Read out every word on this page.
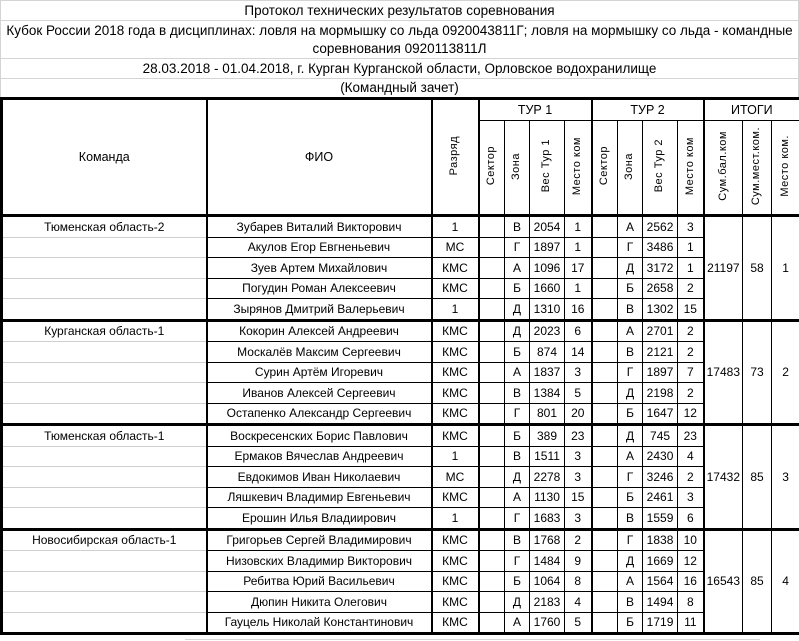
Протокол технических результатов соревнования
Кубок России 2018 года в дисциплинах: ловля на мормышку со льда 0920043811Г; ловля на мормышку со льда - командные соревнования 0920113811Л
28.03.2018 - 01.04.2018, г. Курган Курганской области, Орловское водохранилище
(Командный зачет)
Команда	ФИО	Разряд	ТУР 1				ТУР 2				ИТОГИ		
			Сектор	Зона	Вес Тур 1	Место ком	Сектор	Зона	Вес Тур 2	Место ком	Сум.бал.ком	Сум.мест.ком.	Место ком.
Тюменская область-2	Зубарев Виталий Викторович	1		В	2054	1		А	2562	3	21197	58	1
	Акулов Егор Евгненьевич	МС		Г	1897	1		Г	3486	1			
	Зуев Артем Михайлович	КМС		А	1096	17		Д	3172	1			
	Погудин Роман Алексеевич	КМС		Б	1660	1		Б	2658	2			
	Зырянов Дмитрий Валерьевич	1		Д	1310	16		В	1302	15			
Курганская область-1	Кокорин Алексей Андреевич	КМС		Д	2023	6		А	2701	2	17483	73	2
	Москалёв Максим Сергеевич	КМС		Б	874	14		В	2121	2			
	Сурин Артём Игоревич	КМС		А	1837	3		Г	1897	7			
	Иванов Алексей Сергеевич	КМС		В	1384	5		Д	2198	2			
	Остапенко Александр Сергеевич	КМС		Г	801	20		Б	1647	12			
Тюменская область-1	Воскресенских Борис Павлович	КМС		Б	389	23		Д	745	23	17432	85	3
	Ермаков Вячеслав Андреевич	1		В	1511	3		А	2430	4			
	Евдокимов Иван Николаевич	МС		Д	2278	3		Г	3246	2			
	Ляшкевич Владимир Евгеньевич	КМС		А	1130	15		Б	2461	3			
	Ерошин Илья Владиирович	1		Г	1683	3		В	1559	6			
Новосибирская область-1	Григорьев Сергей Владимирович	КМС		В	1768	2		Г	1838	10	16543	85	4
	Низовских Владимир Викторович	КМС		Г	1484	9		Д	1669	12			
	Ребитва Юрий Васильевич	КМС		Б	1064	8		А	1564	16			
	Дюпин Никита Олегович	КМС		Д	2183	4		В	1494	8			
	Гауцель Николай Константинович	КМС		А	1760	5		Б	1719	11			
